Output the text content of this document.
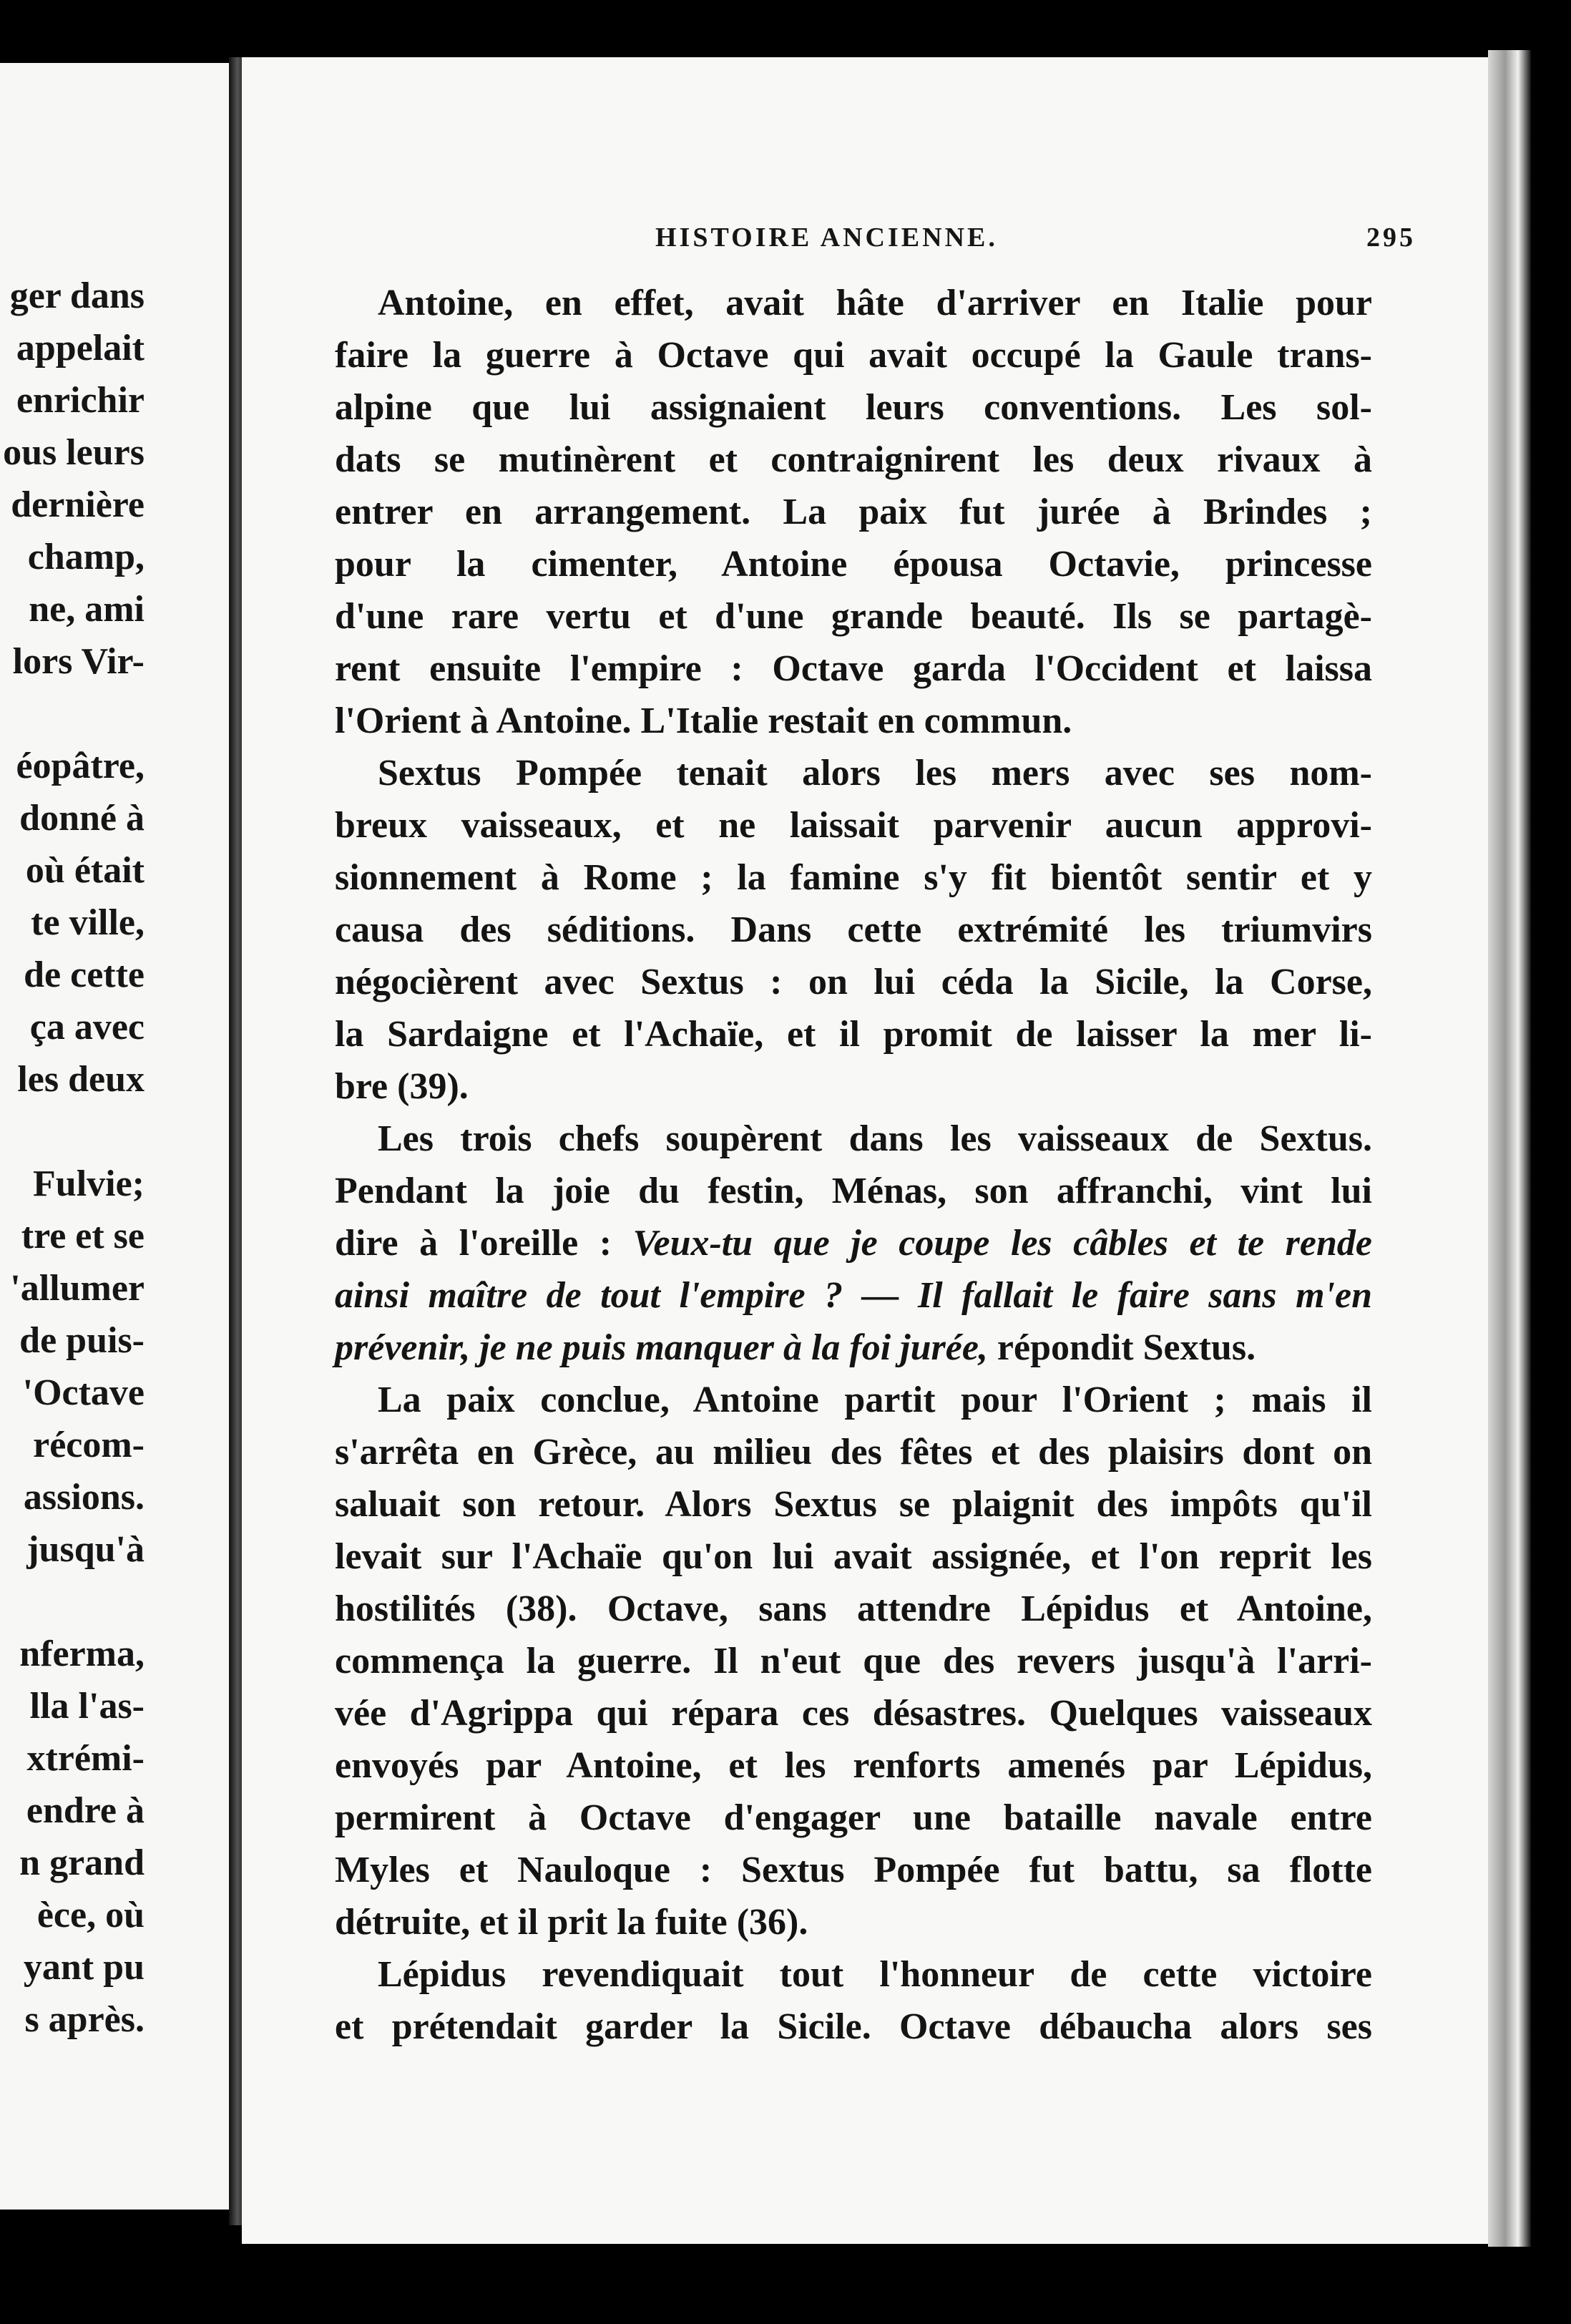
ger dans
appelait
enrichir
ous leurs
dernière
champ,
ne, ami
lors Vir-
éopâtre,
donné à
où était
te ville,
de cette
ça avec
les deux
Fulvie;
tre et se
'allumer
de puis-
'Octave
récom-
assions.
jusqu'à
nferma,
lla l'as-
xtrémi-
endre à
n grand
èce, où
yant pu
s après.
HISTOIRE ANCIENNE.	295
Antoine, en effet, avait hâte d'arriver en Italie pour
faire la guerre à Octave qui avait occupé la Gaule trans-
alpine que lui assignaient leurs conventions. Les sol-
dats se mutinèrent et contraignirent les deux rivaux à
entrer en arrangement. La paix fut jurée à Brindes ;
pour la cimenter, Antoine épousa Octavie, princesse
d'une rare vertu et d'une grande beauté. Ils se partagè-
rent ensuite l'empire : Octave garda l'Occident et laissa
l'Orient à Antoine. L'Italie restait en commun.
Sextus Pompée tenait alors les mers avec ses nom-
breux vaisseaux, et ne laissait parvenir aucun approvi-
sionnement à Rome ; la famine s'y fit bientôt sentir et y
causa des séditions. Dans cette extrémité les triumvirs
négocièrent avec Sextus : on lui céda la Sicile, la Corse,
la Sardaigne et l'Achaïe, et il promit de laisser la mer li-
bre (39).
Les trois chefs soupèrent dans les vaisseaux de Sextus.
Pendant la joie du festin, Ménas, son affranchi, vint lui
dire à l'oreille : Veux-tu que je coupe les câbles et te rende
ainsi maître de tout l'empire ? — Il fallait le faire sans m'en
prévenir, je ne puis manquer à la foi jurée, répondit Sextus.
La paix conclue, Antoine partit pour l'Orient ; mais il
s'arrêta en Grèce, au milieu des fêtes et des plaisirs dont on
saluait son retour. Alors Sextus se plaignit des impôts qu'il
levait sur l'Achaïe qu'on lui avait assignée, et l'on reprit les
hostilités (38). Octave, sans attendre Lépidus et Antoine,
commença la guerre. Il n'eut que des revers jusqu'à l'arri-
vée d'Agrippa qui répara ces désastres. Quelques vaisseaux
envoyés par Antoine, et les renforts amenés par Lépidus,
permirent à Octave d'engager une bataille navale entre
Myles et Nauloque : Sextus Pompée fut battu, sa flotte
détruite, et il prit la fuite (36).
Lépidus revendiquait tout l'honneur de cette victoire
et prétendait garder la Sicile. Octave débaucha alors ses
